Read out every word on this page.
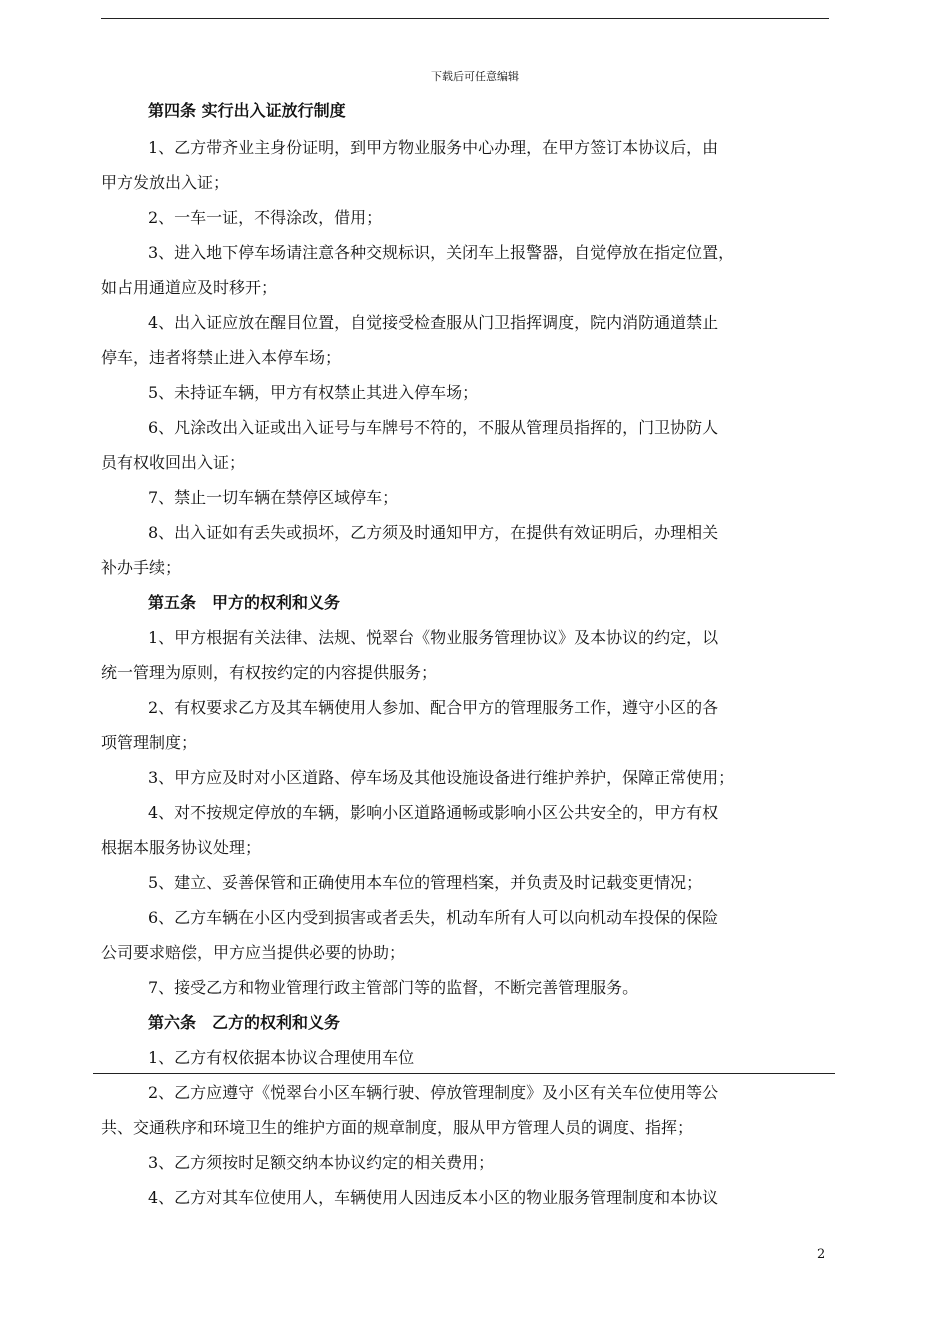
下载后可任意编辑
第四条 实行出入证放行制度
1、乙方带齐业主身份证明，到甲方物业服务中心办理，在甲方签订本协议后，由
甲方发放出入证；
2、一车一证，不得涂改，借用；
3、进入地下停车场请注意各种交规标识，关闭车上报警器，自觉停放在指定位置，
如占用通道应及时移开；
4、出入证应放在醒目位置，自觉接受检查服从门卫指挥调度，院内消防通道禁止
停车，违者将禁止进入本停车场；
5、未持证车辆，甲方有权禁止其进入停车场；
6、凡涂改出入证或出入证号与车牌号不符的，不服从管理员指挥的，门卫协防人
员有权收回出入证；
7、禁止一切车辆在禁停区域停车；
8、出入证如有丢失或损坏，乙方须及时通知甲方，在提供有效证明后，办理相关
补办手续；
第五条　甲方的权利和义务
1、甲方根据有关法律、法规、悦翠台《物业服务管理协议》及本协议的约定，以
统一管理为原则，有权按约定的内容提供服务；
2、有权要求乙方及其车辆使用人参加、配合甲方的管理服务工作，遵守小区的各
项管理制度；
3、甲方应及时对小区道路、停车场及其他设施设备进行维护养护，保障正常使用；
4、对不按规定停放的车辆，影响小区道路通畅或影响小区公共安全的，甲方有权
根据本服务协议处理；
5、建立、妥善保管和正确使用本车位的管理档案，并负责及时记载变更情况；
6、乙方车辆在小区内受到损害或者丢失，机动车所有人可以向机动车投保的保险
公司要求赔偿，甲方应当提供必要的协助；
7、接受乙方和物业管理行政主管部门等的监督，不断完善管理服务。
第六条　乙方的权利和义务
1、乙方有权依据本协议合理使用车位
2、乙方应遵守《悦翠台小区车辆行驶、停放管理制度》及小区有关车位使用等公
共、交通秩序和环境卫生的维护方面的规章制度，服从甲方管理人员的调度、指挥；
3、乙方须按时足额交纳本协议约定的相关费用；
4、乙方对其车位使用人，车辆使用人因违反本小区的物业服务管理制度和本协议
2
